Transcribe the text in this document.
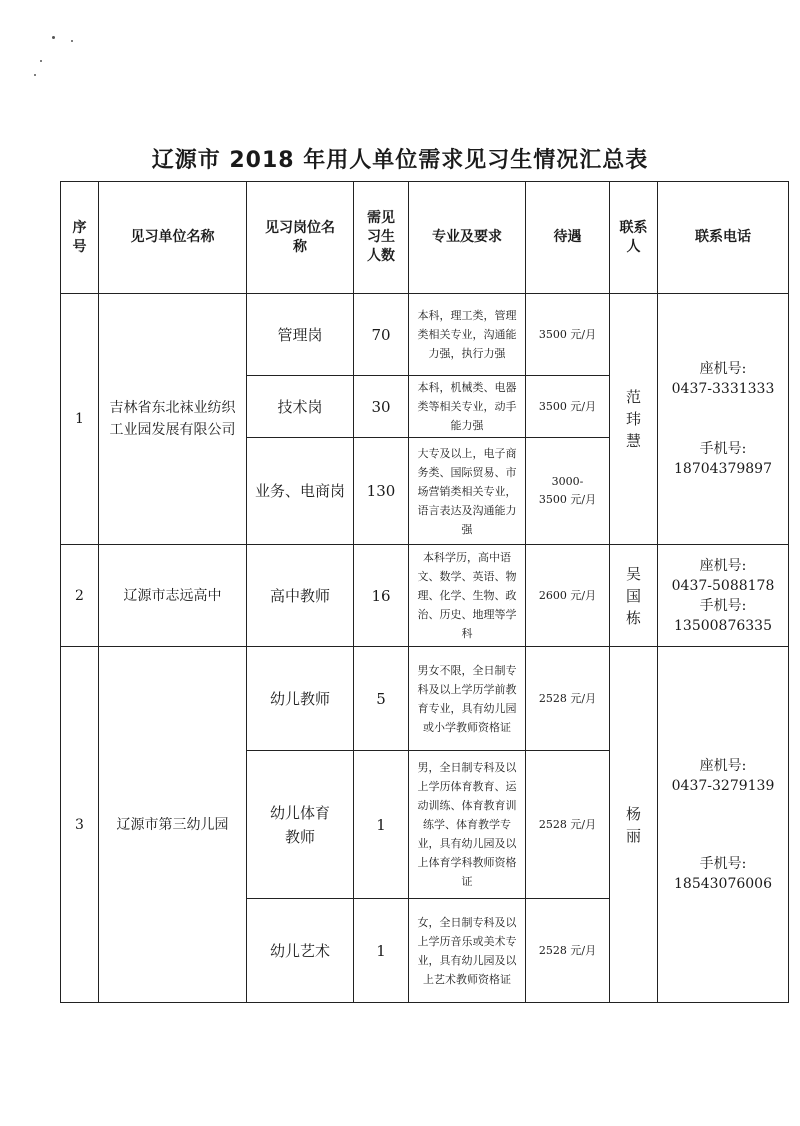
辽源市 2018 年用人单位需求见习生情况汇总表
序号	见习单位名称	见习岗位名称	需见习生人数	专业及要求	待遇	联系人	联系电话
1	吉林省东北袜业纺织工业园发展有限公司	管理岗	70	本科，理工类，管理类相关专业，沟通能力强，执行力强	3500 元/月	范玮慧	座机号:
0437-3331333
手机号:
18704379897

		技术岗	30	本科，机械类、电器类等相关专业，动手能力强	3500 元/月		
		业务、电商岗	130	大专及以上，电子商务类、国际贸易、市场营销类相关专业，语言表达及沟通能力强	3000-3500 元/月		
2	辽源市志远高中	高中教师	16	本科学历，高中语文、数学、英语、物理、化学、生物、政治、历史、地理等学科	2600 元/月	吴国栋	座机号:
0437-5088178
手机号:
13500876335

3	辽源市第三幼儿园	幼儿教师	5	男女不限，全日制专科及以上学历学前教育专业，具有幼儿园或小学教师资格证	2528 元/月	杨丽	座机号:
0437-3279139
手机号:
18543076006

		幼儿体育教师	1	男，全日制专科及以上学历体育教育、运动训练、体育教育训练学、体育教学专业，具有幼儿园及以上体育学科教师资格证	2528 元/月		
		幼儿艺术	1	女，全日制专科及以上学历音乐或美术专业，具有幼儿园及以上艺术教师资格证	2528 元/月		
